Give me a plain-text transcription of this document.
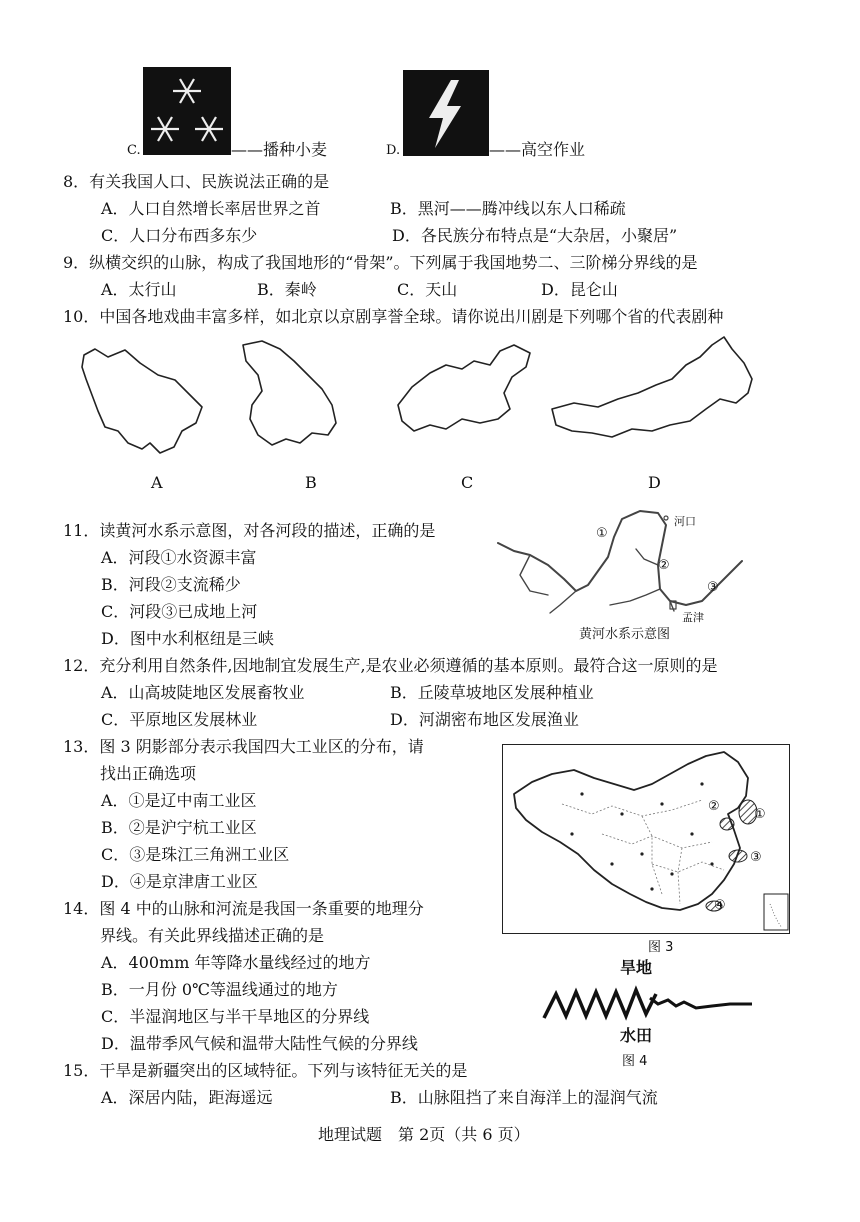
C.	——播种小麦	D.	——高空作业
8．有关我国人口、民族说法正确的是
A．人口自然增长率居世界之首	B．黑河——腾冲线以东人口稀疏
C．人口分布西多东少	D．各民族分布特点是“大杂居，小聚居”
9．纵横交织的山脉，构成了我国地形的“骨架”。下列属于我国地势二、三阶梯分界线的是
A．太行山	B．秦岭	C．天山	D．昆仑山
10．中国各地戏曲丰富多样，如北京以京剧享誉全球。请你说出川剧是下列哪个省的代表剧种
A	B	C	D
11．读黄河水系示意图，对各河段的描述，正确的是
A．河段①水资源丰富
B．河段②支流稀少
C．河段③已成地上河
D．图中水利枢纽是三峡
①
②
③
河口
孟津
黄河水系示意图
12．充分利用自然条件,因地制宜发展生产,是农业必须遵循的基本原则。最符合这一原则的是
A．山高坡陡地区发展畜牧业	B．丘陵草坡地区发展种植业
C．平原地区发展林业	D．河湖密布地区发展渔业
13．图 3 阴影部分表示我国四大工业区的分布，请
找出正确选项
A．①是辽中南工业区
B．②是沪宁杭工业区
C．③是珠江三角洲工业区
D．④是京津唐工业区
①
②
③
④
图 3
14．图 4 中的山脉和河流是我国一条重要的地理分
界线。有关此界线描述正确的是
A．400mm 年等降水量线经过的地方
B．一月份 0℃等温线通过的地方
C．半湿润地区与半干旱地区的分界线
D．温带季风气候和温带大陆性气候的分界线
旱地
水田
图 4
15．干旱是新疆突出的区域特征。下列与该特征无关的是
A．深居内陆，距海遥远	B．山脉阻挡了来自海洋上的湿润气流
地理试题　第 2页（共 6 页）
